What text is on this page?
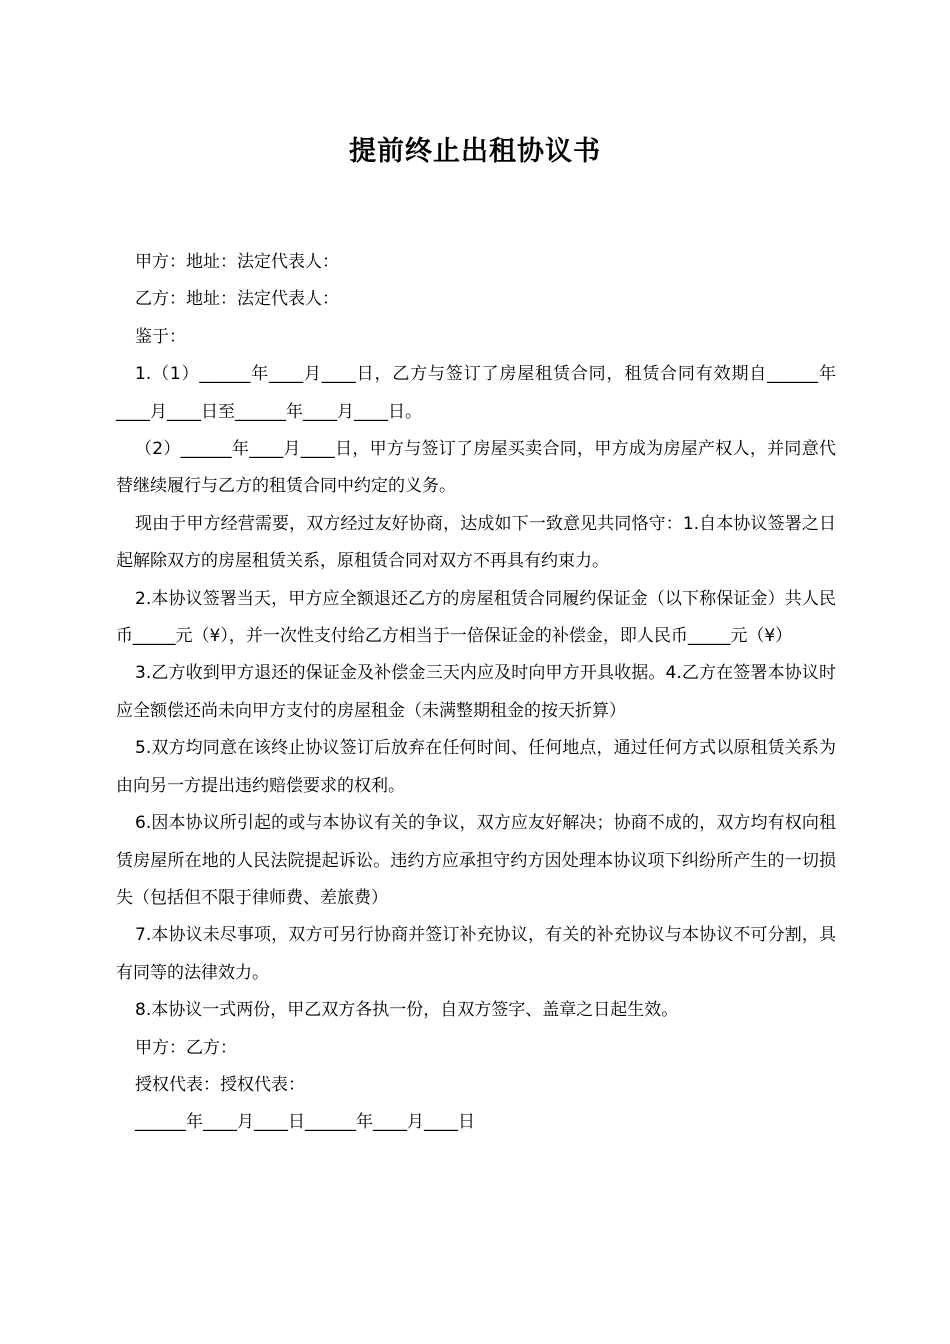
提前终止出租协议书

甲方：地址：法定代表人：

乙方：地址：法定代表人：

鉴于：

1.（1）______年____月____日，乙方与签订了房屋租赁合同，租赁合同有效期自______年____月____日至______年____月____日。

（2）______年____月____日，甲方与签订了房屋买卖合同，甲方成为房屋产权人，并同意代替继续履行与乙方的租赁合同中约定的义务。

现由于甲方经营需要，双方经过友好协商，达成如下一致意见共同恪守：1.自本协议签署之日起解除双方的房屋租赁关系，原租赁合同对双方不再具有约束力。

2.本协议签署当天，甲方应全额退还乙方的房屋租赁合同履约保证金（以下称保证金）共人民币_____元（¥），并一次性支付给乙方相当于一倍保证金的补偿金，即人民币_____元（¥）

3.乙方收到甲方退还的保证金及补偿金三天内应及时向甲方开具收据。4.乙方在签署本协议时应全额偿还尚未向甲方支付的房屋租金（未满整期租金的按天折算）

5.双方均同意在该终止协议签订后放弃在任何时间、任何地点，通过任何方式以原租赁关系为由向另一方提出违约赔偿要求的权利。

6.因本协议所引起的或与本协议有关的争议，双方应友好解决；协商不成的，双方均有权向租赁房屋所在地的人民法院提起诉讼。违约方应承担守约方因处理本协议项下纠纷所产生的一切损失（包括但不限于律师费、差旅费）

7.本协议未尽事项，双方可另行协商并签订补充协议，有关的补充协议与本协议不可分割，具有同等的法律效力。

8.本协议一式两份，甲乙双方各执一份，自双方签字、盖章之日起生效。

甲方：乙方：

授权代表：授权代表：

______年____月____日______年____月____日
